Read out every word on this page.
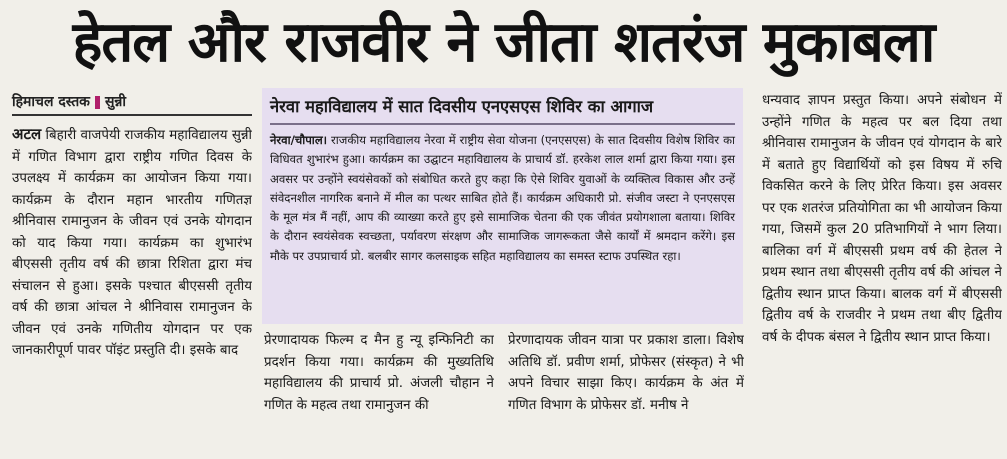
हेतल और राजवीर ने जीता शतरंज मुकाबला
हिमाचल दस्तक सुन्नी
अटल बिहारी वाजपेयी राजकीय महाविद्यालय सुन्नी में गणित विभाग द्वारा राष्ट्रीय गणित दिवस के उपलक्ष्य में कार्यक्रम का आयोजन किया गया। कार्यक्रम के दौरान महान भारतीय गणितज्ञ श्रीनिवास रामानुजन के जीवन एवं उनके योगदान को याद किया गया। कार्यक्रम का शुभारंभ बीएससी तृतीय वर्ष की छात्रा रिशिता द्वारा मंच संचालन से हुआ। इसके पश्चात बीएससी तृतीय वर्ष की छात्रा आंचल ने श्रीनिवास रामानुजन के जीवन एवं उनके गणितीय योगदान पर एक जानकारीपूर्ण पावर पॉइंट प्रस्तुति दी। इसके बाद
नेरवा महाविद्यालय में सात दिवसीय एनएसएस शिविर का आगाज
नेरवा/चौपाल। राजकीय महाविद्यालय नेरवा में राष्ट्रीय सेवा योजना (एनएसएस) के सात दिवसीय विशेष शिविर का विधिवत शुभारंभ हुआ। कार्यक्रम का उद्घाटन महाविद्यालय के प्राचार्य डॉ. हरकेश लाल शर्मा द्वारा किया गया। इस अवसर पर उन्होंने स्वयंसेवकों को संबोधित करते हुए कहा कि ऐसे शिविर युवाओं के व्यक्तित्व विकास और उन्हें संवेदनशील नागरिक बनाने में मील का पत्थर साबित होते हैं। कार्यक्रम अधिकारी प्रो. संजीव जस्टा ने एनएसएस के मूल मंत्र मैं नहीं, आप की व्याख्या करते हुए इसे सामाजिक चेतना की एक जीवंत प्रयोगशाला बताया। शिविर के दौरान स्वयंसेवक स्वच्छता, पर्यावरण संरक्षण और सामाजिक जागरूकता जैसे कार्यों में श्रमदान करेंगे। इस मौके पर उपप्राचार्य प्रो. बलबीर सागर कलसाइक सहित महाविद्यालय का समस्त स्टाफ उपस्थित रहा।
प्रेरणादायक फिल्म द मैन हु न्यू इन्फिनिटी का प्रदर्शन किया गया। कार्यक्रम की मुख्यतिथि महाविद्यालय की प्राचार्य प्रो. अंजली चौहान ने गणित के महत्व तथा रामानुजन की
प्रेरणादायक जीवन यात्रा पर प्रकाश डाला। विशेष अतिथि डॉ. प्रवीण शर्मा, प्रोफेसर (संस्कृत) ने भी अपने विचार साझा किए। कार्यक्रम के अंत में गणित विभाग के प्रोफेसर डॉ. मनीष ने
धन्यवाद ज्ञापन प्रस्तुत किया। अपने संबोधन में उन्होंने गणित के महत्व पर बल दिया तथा श्रीनिवास रामानुजन के जीवन एवं योगदान के बारे में बताते हुए विद्यार्थियों को इस विषय में रुचि विकसित करने के लिए प्रेरित किया। इस अवसर पर एक शतरंज प्रतियोगिता का भी आयोजन किया गया, जिसमें कुल 20 प्रतिभागियों ने भाग लिया। बालिका वर्ग में बीएससी प्रथम वर्ष की हेतल ने प्रथम स्थान तथा बीएससी तृतीय वर्ष की आंचल ने द्वितीय स्थान प्राप्त किया। बालक वर्ग में बीएससी द्वितीय वर्ष के राजवीर ने प्रथम तथा बीए द्वितीय वर्ष के दीपक बंसल ने द्वितीय स्थान प्राप्त किया।
